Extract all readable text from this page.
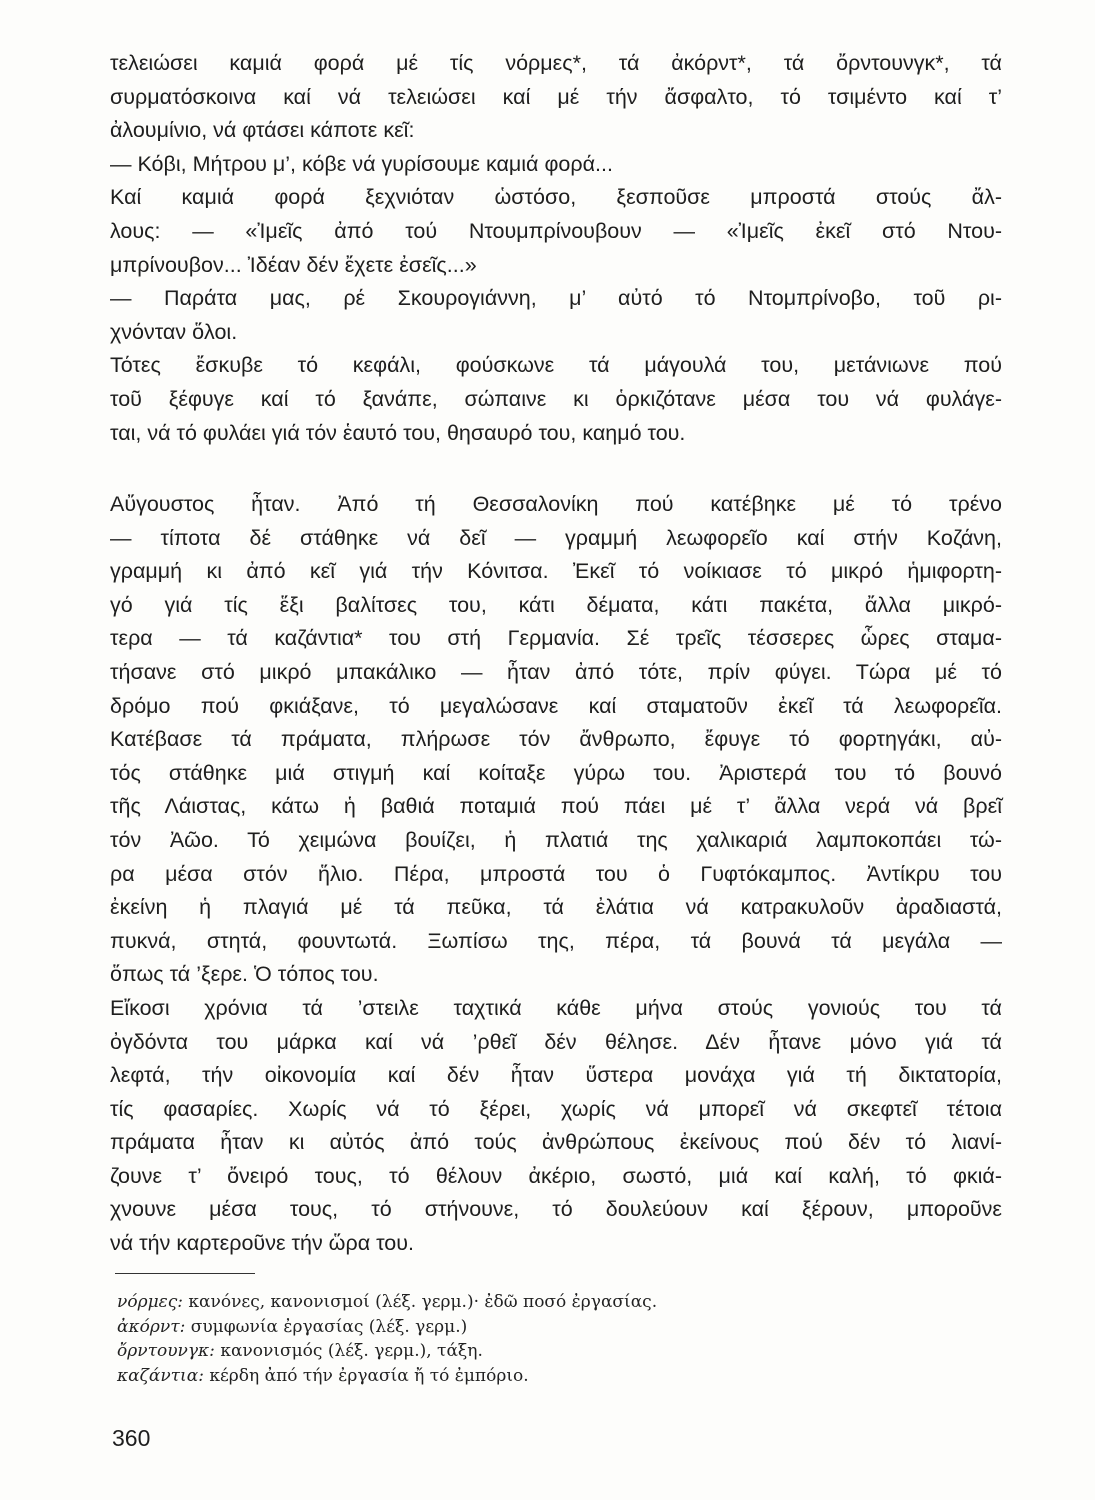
τελειώσει καμιά φορά μέ τίς νόρμες*, τά ἀκόρντ*, τά ὄρντουνγκ*, τά
συρματόσκοινα καί νά τελειώσει καί μέ τήν ἄσφαλτο, τό τσιμέντο καί τ’
ἀλουμίνιο, νά φτάσει κάποτε κεῖ:
— Κόβι, Μήτρου μ’, κόβε νά γυρίσουμε καμιά φορά...
Καί καμιά φορά ξεχνιόταν ὡστόσο, ξεσποῦσε μπροστά στούς ἄλ-
λους: — «Ἰμεῖς ἀπό τού Ντουμπρίνουβουν — «Ἰμεῖς ἐκεῖ στό Ντου-
μπρίνουβον... Ἰδέαν δέν ἔχετε ἐσεῖς...»
— Παράτα μας, ρέ Σκουρογιάννη, μ’ αὐτό τό Ντομπρίνοβο, τοῦ ρι-
χνόνταν ὅλοι.
Τότες ἔσκυβε τό κεφάλι, φούσκωνε τά μάγουλά του, μετάνιωνε πού
τοῦ ξέφυγε καί τό ξανάπε, σώπαινε κι ὁρκιζότανε μέσα του νά φυλάγε-
ται, νά τό φυλάει γιά τόν ἑαυτό του, θησαυρό του, καημό του.
Αὔγουστος ἦταν. Ἀπό τή Θεσσαλονίκη πού κατέβηκε μέ τό τρένο
— τίποτα δέ στάθηκε νά δεῖ — γραμμή λεωφορεῖο καί στήν Κοζάνη,
γραμμή κι ἀπό κεῖ γιά τήν Κόνιτσα. Ἐκεῖ τό νοίκιασε τό μικρό ἡμιφορτη-
γό γιά τίς ἕξι βαλίτσες του, κάτι δέματα, κάτι πακέτα, ἄλλα μικρό-
τερα — τά καζάντια* του στή Γερμανία. Σέ τρεῖς τέσσερες ὧρες σταμα-
τήσανε στό μικρό μπακάλικο — ἦταν ἀπό τότε, πρίν φύγει. Τώρα μέ τό
δρόμο πού φκιάξανε, τό μεγαλώσανε καί σταματοῦν ἐκεῖ τά λεωφορεῖα.
Κατέβασε τά πράματα, πλήρωσε τόν ἄνθρωπο, ἔφυγε τό φορτηγάκι, αὐ-
τός στάθηκε μιά στιγμή καί κοίταξε γύρω του. Ἀριστερά του τό βουνό
τῆς Λάιστας, κάτω ἡ βαθιά ποταμιά πού πάει μέ τ’ ἄλλα νερά νά βρεῖ
τόν Ἀῶο. Τό χειμώνα βουίζει, ἡ πλατιά της χαλικαριά λαμποκοπάει τώ-
ρα μέσα στόν ἥλιο. Πέρα, μπροστά του ὁ Γυφτόκαμπος. Ἀντίκρυ του
ἐκείνη ἡ πλαγιά μέ τά πεῦκα, τά ἐλάτια νά κατρακυλοῦν ἀραδιαστά,
πυκνά, στητά, φουντωτά. Ξωπίσω της, πέρα, τά βουνά τά μεγάλα —
ὅπως τά ’ξερε. Ὁ τόπος του.
Εἴκοσι χρόνια τά ’στειλε ταχτικά κάθε μήνα στούς γονιούς του τά
ὀγδόντα του μάρκα καί νά ’ρθεῖ δέν θέλησε. Δέν ἦτανε μόνο γιά τά
λεφτά, τήν οἰκονομία καί δέν ἦταν ὕστερα μονάχα γιά τή δικτατορία,
τίς φασαρίες. Χωρίς νά τό ξέρει, χωρίς νά μπορεῖ νά σκεφτεῖ τέτοια
πράματα ἦταν κι αὐτός ἀπό τούς ἀνθρώπους ἐκείνους πού δέν τό λιανί-
ζουνε τ’ ὄνειρό τους, τό θέλουν ἀκέριο, σωστό, μιά καί καλή, τό φκιά-
χνουνε μέσα τους, τό στήνουνε, τό δουλεύουν καί ξέρουν, μποροῦνε
νά τήν καρτεροῦνε τήν ὥρα του.
νόρμες: κανόνες, κανονισμοί (λέξ. γερμ.)· ἐδῶ ποσό ἐργασίας.
ἀκόρντ: συμφωνία ἐργασίας (λέξ. γερμ.)
ὄρντουνγκ: κανονισμός (λέξ. γερμ.), τάξη.
καζάντια: κέρδη ἀπό τήν ἐργασία ἤ τό ἐμπόριο.
360
